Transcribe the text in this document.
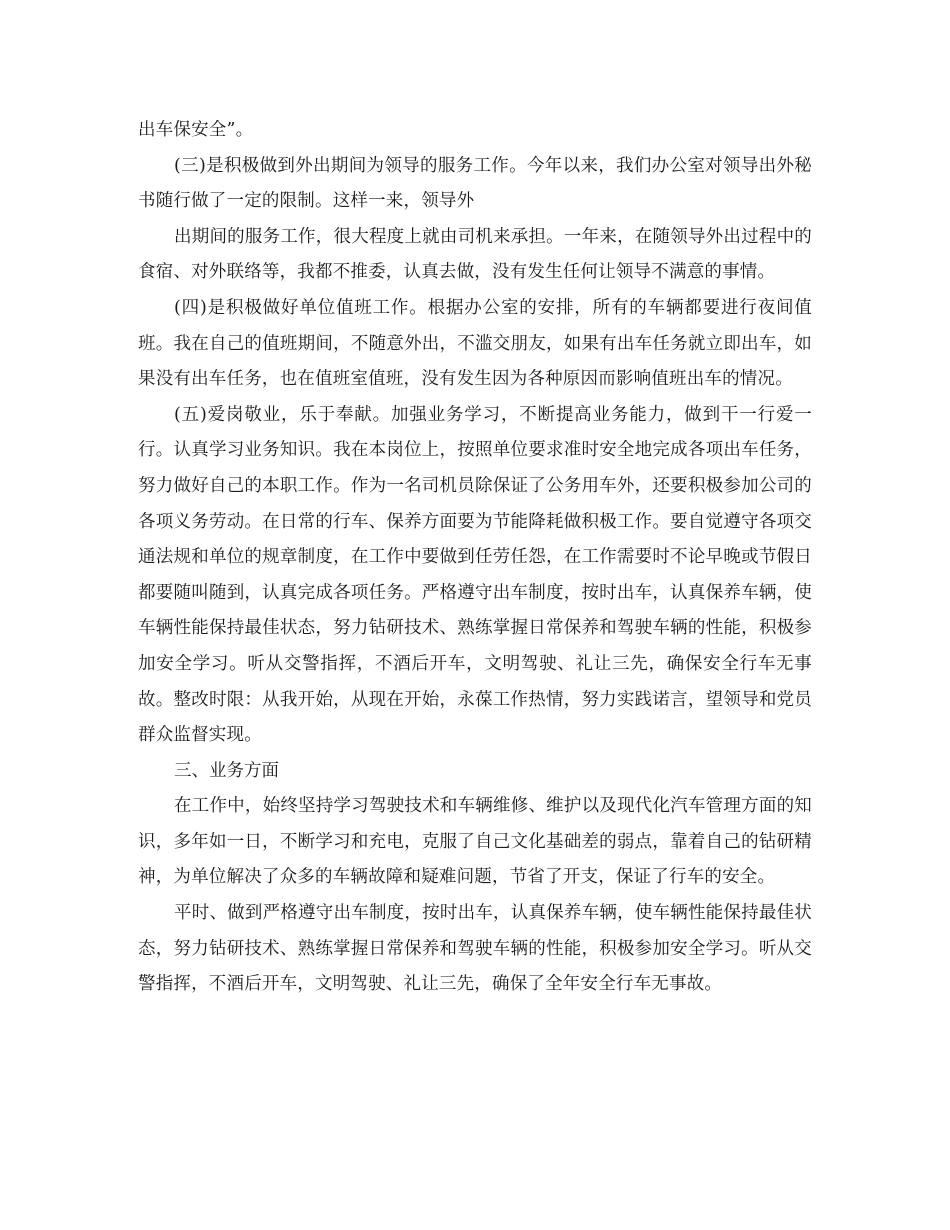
出车保安全”。

(三)是积极做到外出期间为领导的服务工作。今年以来，我们办公室对领导出外秘书随行做了一定的限制。这样一来，领导外

出期间的服务工作，很大程度上就由司机来承担。一年来，在随领导外出过程中的食宿、对外联络等，我都不推委，认真去做，没有发生任何让领导不满意的事情。

(四)是积极做好单位值班工作。根据办公室的安排，所有的车辆都要进行夜间值班。我在自己的值班期间，不随意外出，不滥交朋友，如果有出车任务就立即出车，如果没有出车任务，也在值班室值班，没有发生因为各种原因而影响值班出车的情况。

(五)爱岗敬业，乐于奉献。加强业务学习，不断提高业务能力，做到干一行爱一行。认真学习业务知识。我在本岗位上，按照单位要求准时安全地完成各项出车任务，努力做好自己的本职工作。作为一名司机员除保证了公务用车外，还要积极参加公司的各项义务劳动。在日常的行车、保养方面要为节能降耗做积极工作。要自觉遵守各项交通法规和单位的规章制度，在工作中要做到任劳任怨，在工作需要时不论早晚或节假日都要随叫随到，认真完成各项任务。严格遵守出车制度，按时出车，认真保养车辆，使车辆性能保持最佳状态，努力钻研技术、熟练掌握日常保养和驾驶车辆的性能，积极参加安全学习。听从交警指挥，不酒后开车，文明驾驶、礼让三先，确保安全行车无事故。整改时限：从我开始，从现在开始，永葆工作热情，努力实践诺言，望领导和党员群众监督实现。

三、业务方面

在工作中，始终坚持学习驾驶技术和车辆维修、维护以及现代化汽车管理方面的知识，多年如一日，不断学习和充电，克服了自己文化基础差的弱点，靠着自己的钻研精神，为单位解决了众多的车辆故障和疑难问题，节省了开支，保证了行车的安全。

平时、做到严格遵守出车制度，按时出车，认真保养车辆，使车辆性能保持最佳状态，努力钻研技术、熟练掌握日常保养和驾驶车辆的性能，积极参加安全学习。听从交警指挥，不酒后开车，文明驾驶、礼让三先，确保了全年安全行车无事故。
